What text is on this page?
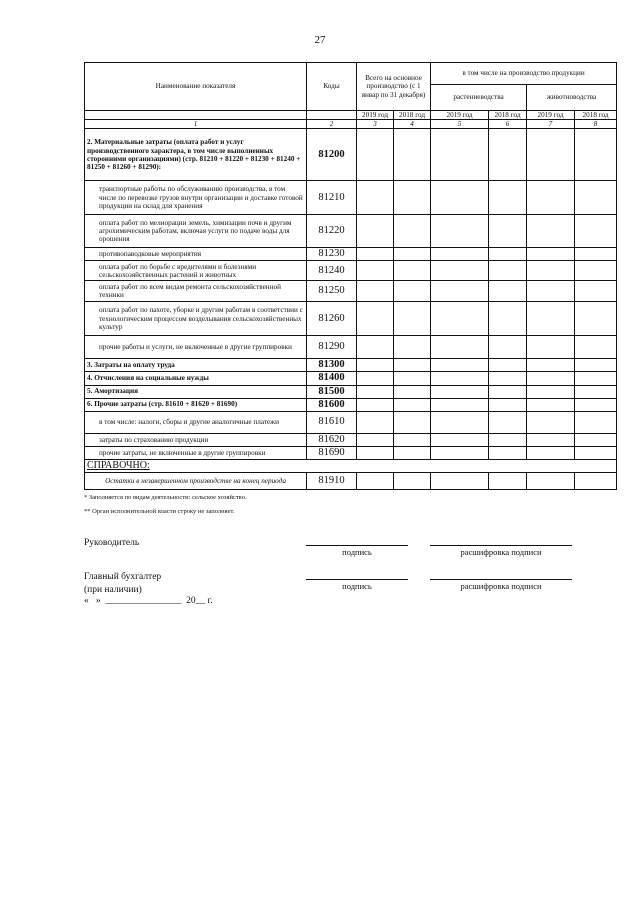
27
Наименование показателя	Коды	Всего на основное производство (с 1 январ по 31 декабря)		в том числе на производство продукции			
				растениеводства		животноводства	
		2019 год	2018 год	2019 год	2018 год	2019 год	2018 год
1	2	3	4	5	6	7	8
2. Материальные затраты (оплата работ и услуг производственного характера, в том числе выполненных сторонними организациями) (стр. 81210 + 81220 + 81230 + 81240 + 81250 + 81260 + 81290):	81200						
транспортные работы по обслуживанию производства, в том числе по перевозке грузов внутри организации и доставке готовой продукции на склад для хранения	81210						
оплата работ по мелиорации земель, химизации почв и другим агрохимическим работам, включая услуги по подаче воды для орошения	81220						
противопаводковые мероприятия	81230						
оплата работ по борьбе с вредителями и болезнями сельскохозяйственных растений и животных	81240						
оплата работ по всем видам ремонта сельскохозяйственной техники	81250						
оплата работ по пахоте, уборке и другим работам в соответствии с технологическим процессом возделывания сельскохозяйственных культур	81260						
прочие работы и услуги, не включенные в другие группировки	81290						
3. Затраты на оплату труда	81300						
4. Отчисления на социальные нужды	81400						
5. Амортизация	81500						
6. Прочие затраты (стр. 81610 + 81620 + 81690)	81600						
в том числе: налоги, сборы и другие аналогичные платежи	81610						
затраты по страхованию продукции	81620						
прочие затраты, не включенные в другие группировки	81690						
СПРАВОЧНО:							
Остатки в незавершенном производстве на конец периода	81910						
* Заполняется по видам деятельности: сельское хозяйство.
** Орган исполнительной власти строку не заполняет.
Руководитель
подпись	расшифровка подписи
Главный бухгалтер
(при наличии)	подпись	расшифровка подписи
«   »  ________________  20__ г.
